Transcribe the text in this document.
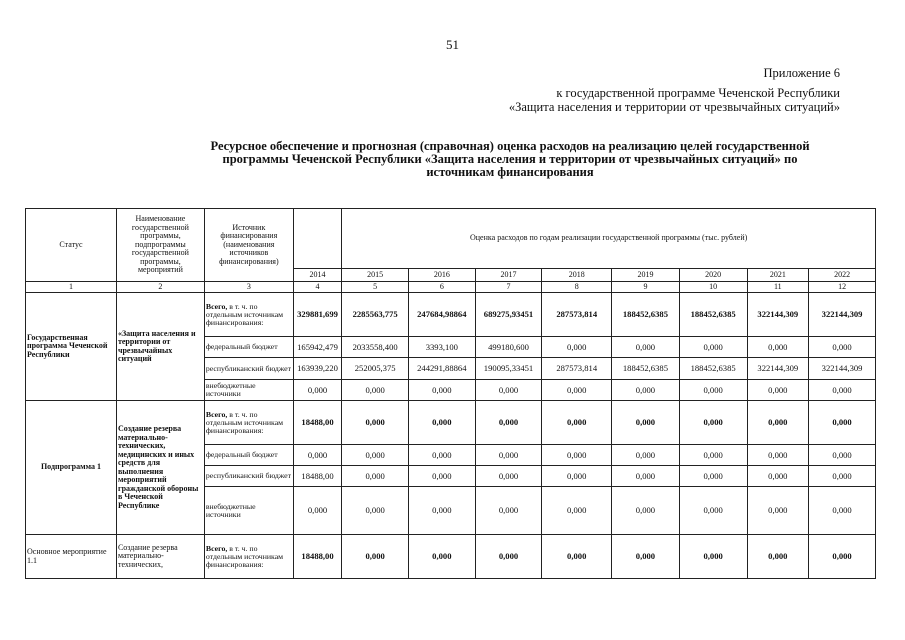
51
Приложение 6
к государственной программе Чеченской Республики
«Защита населения и территории от чрезвычайных ситуаций»
Ресурсное обеспечение и прогнозная (справочная) оценка расходов на реализацию целей государственной
программы Чеченской Республики «Защита населения и территории от чрезвычайных ситуаций» по
источникам финансирования
Статус	Наименование государственной программы, подпрограммы государственной программы, мероприятий	Источник финансирования (наименования источников финансирования)		Оценка расходов по годам реализации государственной программы (тыс. рублей)							
			2014	2015	2016	2017	2018	2019	2020	2021	2022
1	2	3	4	5	6	7	8	9	10	11	12
Государственная программа Чеченской Республики	«Защита населения и территории от чрезвычайных ситуаций	Всего, в т. ч. по отдельным источникам финансирования:	329881,699	2285563,775	247684,98864	689275,93451	287573,814	188452,6385	188452,6385	322144,309	322144,309
		федеральный бюджет	165942,479	2033558,400	3393,100	499180,600	0,000	0,000	0,000	0,000	0,000
		республиканский бюджет	163939,220	252005,375	244291,88864	190095,33451	287573,814	188452,6385	188452,6385	322144,309	322144,309
		внебюджетные источники	0,000	0,000	0,000	0,000	0,000	0,000	0,000	0,000	0,000
Подпрограмма 1	Создание резерва материально-технических, медицинских и иных средств для выполнения мероприятий гражданской обороны в Чеченской Республике	Всего, в т. ч. по отдельным источникам финансирования:	18488,00	0,000	0,000	0,000	0,000	0,000	0,000	0,000	0,000
		федеральный бюджет	0,000	0,000	0,000	0,000	0,000	0,000	0,000	0,000	0,000
		республиканский бюджет	18488,00	0,000	0,000	0,000	0,000	0,000	0,000	0,000	0,000
		внебюджетные источники	0,000	0,000	0,000	0,000	0,000	0,000	0,000	0,000	0,000
Основное мероприятие 1.1	Создание резерва материально-технических,	Всего, в т. ч. по отдельным источникам финансирования:	18488,00	0,000	0,000	0,000	0,000	0,000	0,000	0,000	0,000
